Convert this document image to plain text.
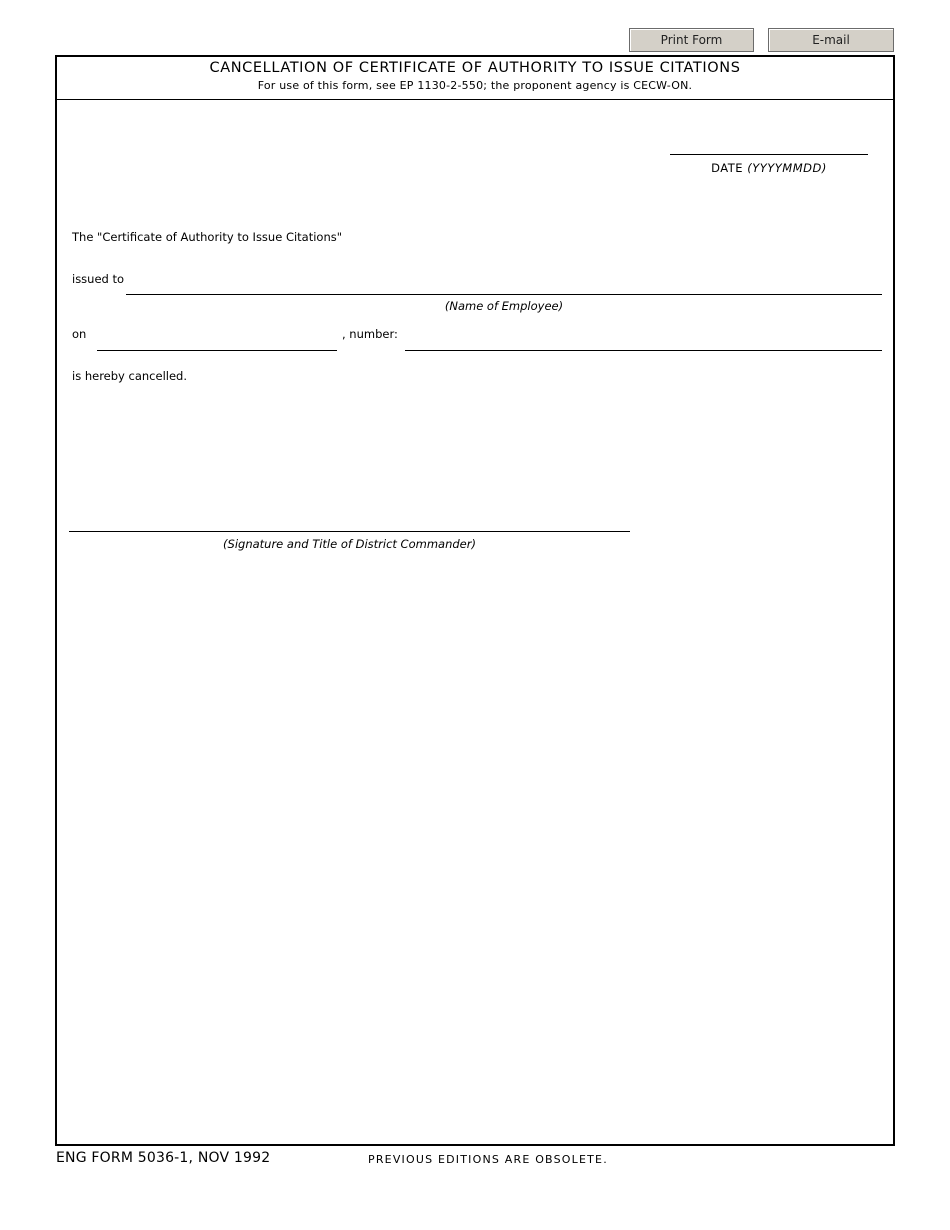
Print Form	E-mail
CANCELLATION OF CERTIFICATE OF AUTHORITY TO ISSUE CITATIONS
For use of this form, see EP 1130-2-550; the proponent agency is CECW-ON.
DATE (YYYYMMDD)
The "Certificate of Authority to Issue Citations"
issued to
(Name of Employee)
on	, number:
is hereby cancelled.
(Signature and Title of District Commander)
ENG FORM 5036-1, NOV 1992	PREVIOUS EDITIONS ARE OBSOLETE.
